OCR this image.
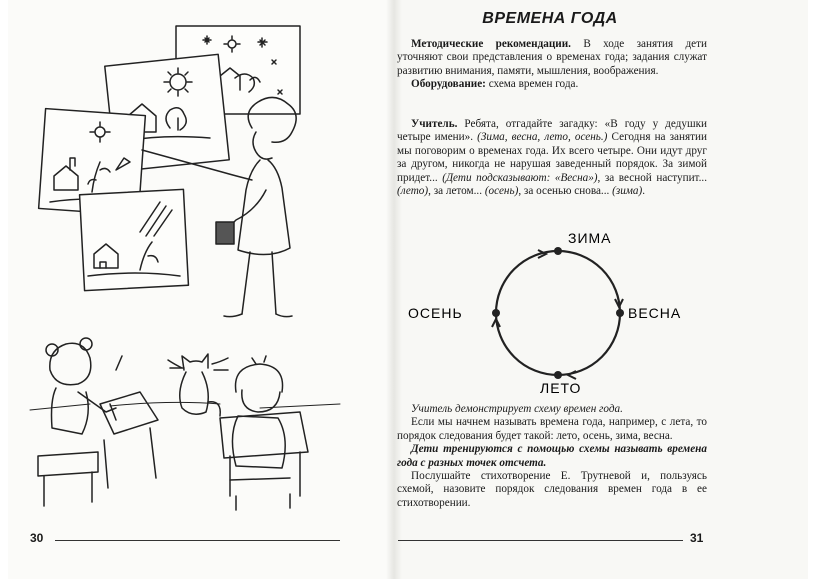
ВРЕМЕНА ГОДА

Методические рекомендации. В ходе занятия дети уточняют свои представления о временах года; задания служат развитию внимания, памяти, мышления, воображения.

Оборудование: схема времен года.

Учитель. Ребята, отгадайте загадку: «В году у дедушки четыре имени». (Зима, весна, лето, осень.) Сегодня на занятии мы поговорим о временах года. Их всего четыре. Они идут друг за другом, никогда не нарушая заведенный порядок. За зимой придет... (Дети подсказывают: «Весна»), за весной наступит... (лето), за летом... (осень), за осенью снова... (зима).

ЗИМА
ВЕСНА
ЛЕТО
ОСЕНЬ

Учитель демонстрирует схему времен года.

Если мы начнем называть времена года, например, с лета, то порядок следования будет такой: лето, осень, зима, весна.

Дети тренируются с помощью схемы называть времена года с разных точек отсчета.

Послушайте стихотворение Е. Трутневой и, пользуясь схемой, назовите порядок следования времен года в ее стихотворении.

30	31
